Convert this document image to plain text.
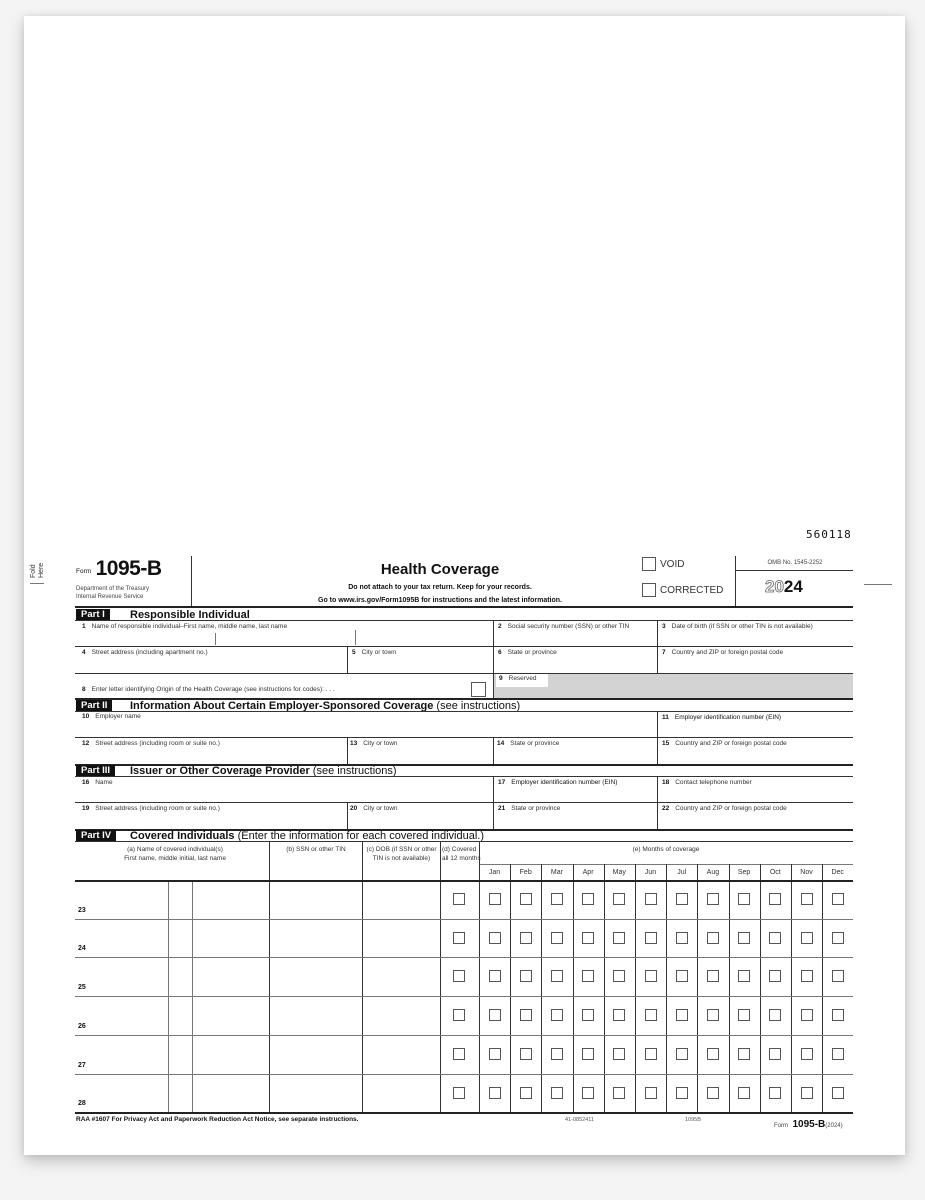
Fold Here
560118
Form 1095-B
Department of the Treasury
Internal Revenue Service
Health Coverage
Do not attach to your tax return. Keep for your records.
Go to www.irs.gov/Form1095B for instructions and the latest information.
VOID
CORRECTED
OMB No. 1545-2252
2024
Part I	Responsible Individual
1 Name of responsible individual–First name, middle name, last name	2 Social security number (SSN) or other TIN	3 Date of birth (if SSN or other TIN is not available)
4 Street address (including apartment no.)	5 City or town	6 State or province	7 Country and ZIP or foreign postal code
8 Enter letter identifying Origin of the Health Coverage (see instructions for codes): . . .
9 Reserved
Part II	Information About Certain Employer-Sponsored Coverage (see instructions)
10 Employer name	11 Employer identification number (EIN)
12 Street address (including room or suite no.)	13 City or town	14 State or province	15 Country and ZIP or foreign postal code
Part III	Issuer or Other Coverage Provider (see instructions)
16 Name	17 Employer identification number (EIN)	18 Contact telephone number
19 Street address (including room or suite no.)	20 City or town	21 State or province	22 Country and ZIP or foreign postal code
Part IV	Covered Individuals (Enter the information for each covered individual.)
(a) Name of covered individual(s)
First name, middle initial, last name
(b) SSN or other TIN	(c) DOB (if SSN or other
TIN is not available)
(d) Covered
all 12 months
(e) Months of coverage
Jan	Feb	Mar	Apr	May	Jun	Jul	Aug	Sep	Oct	Nov	Dec
23
24
25
26
27
28
RAA #1607 For Privacy Act and Paperwork Reduction Act Notice, see separate instructions.	41-0852411	1095B
Form 1095-B(2024)
